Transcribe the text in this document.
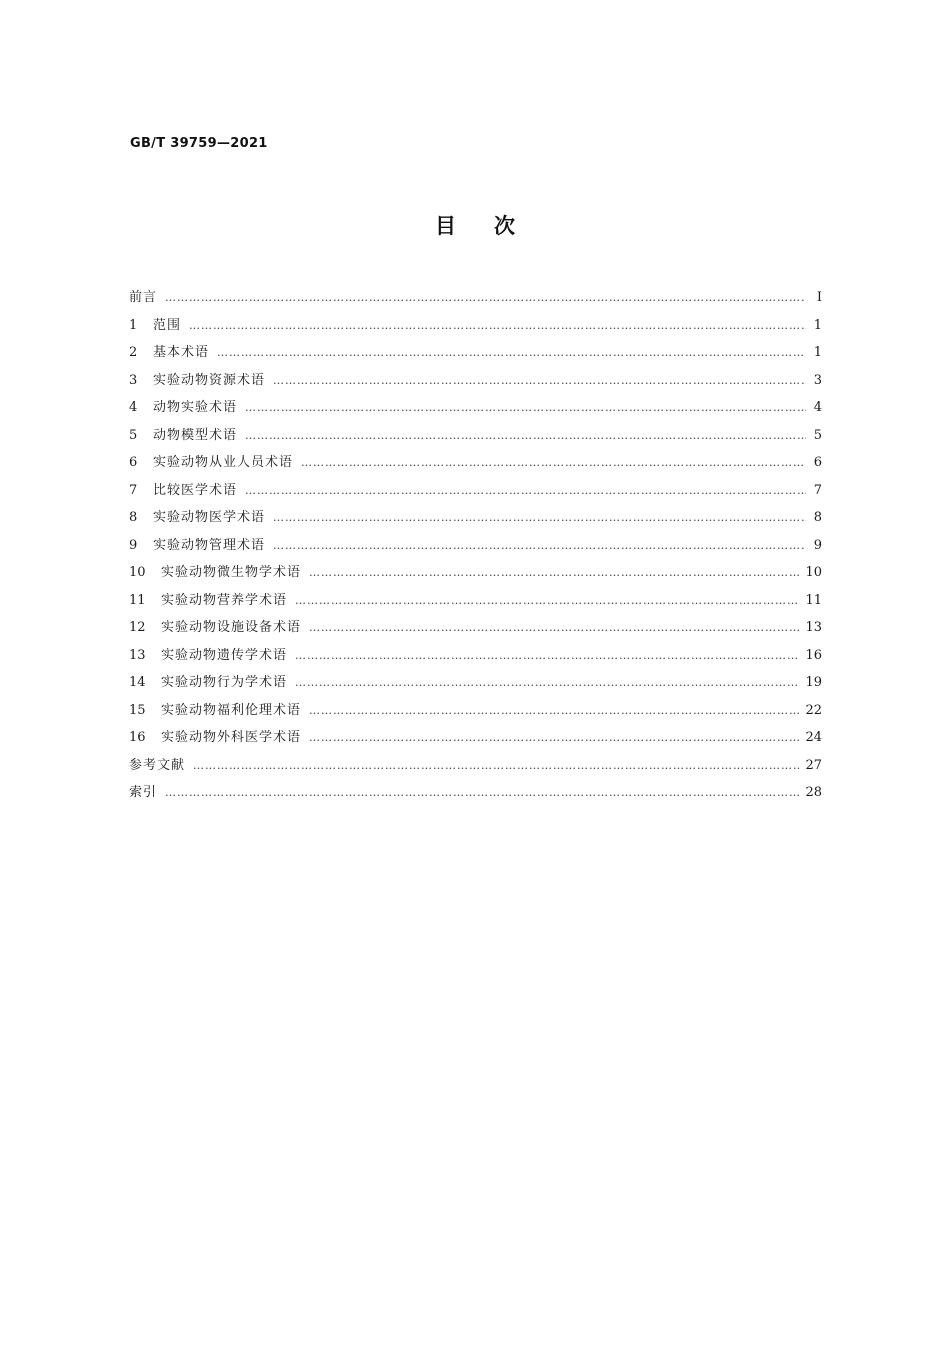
GB/T 39759—2021
目次
前言 …………………………………………………………………………………………………………………………………………………………………………………………	Ⅰ
1	范围 …………………………………………………………………………………………………………………………………………………………………………………………	1
2	基本术语 …………………………………………………………………………………………………………………………………………………………………………………………	1
3	实验动物资源术语 …………………………………………………………………………………………………………………………………………………………………………………………	3
4	动物实验术语 …………………………………………………………………………………………………………………………………………………………………………………………	4
5	动物模型术语 …………………………………………………………………………………………………………………………………………………………………………………………	5
6	实验动物从业人员术语 …………………………………………………………………………………………………………………………………………………………………………………………	6
7	比较医学术语 …………………………………………………………………………………………………………………………………………………………………………………………	7
8	实验动物医学术语 …………………………………………………………………………………………………………………………………………………………………………………………	8
9	实验动物管理术语 …………………………………………………………………………………………………………………………………………………………………………………………	9
10	实验动物微生物学术语 …………………………………………………………………………………………………………………………………………………………………………………………	10
11	实验动物营养学术语 …………………………………………………………………………………………………………………………………………………………………………………………	11
12	实验动物设施设备术语 …………………………………………………………………………………………………………………………………………………………………………………………	13
13	实验动物遗传学术语 …………………………………………………………………………………………………………………………………………………………………………………………	16
14	实验动物行为学术语 …………………………………………………………………………………………………………………………………………………………………………………………	19
15	实验动物福利伦理术语 …………………………………………………………………………………………………………………………………………………………………………………………	22
16	实验动物外科医学术语 …………………………………………………………………………………………………………………………………………………………………………………………	24
参考文献 …………………………………………………………………………………………………………………………………………………………………………………………	27
索引 …………………………………………………………………………………………………………………………………………………………………………………………	28
